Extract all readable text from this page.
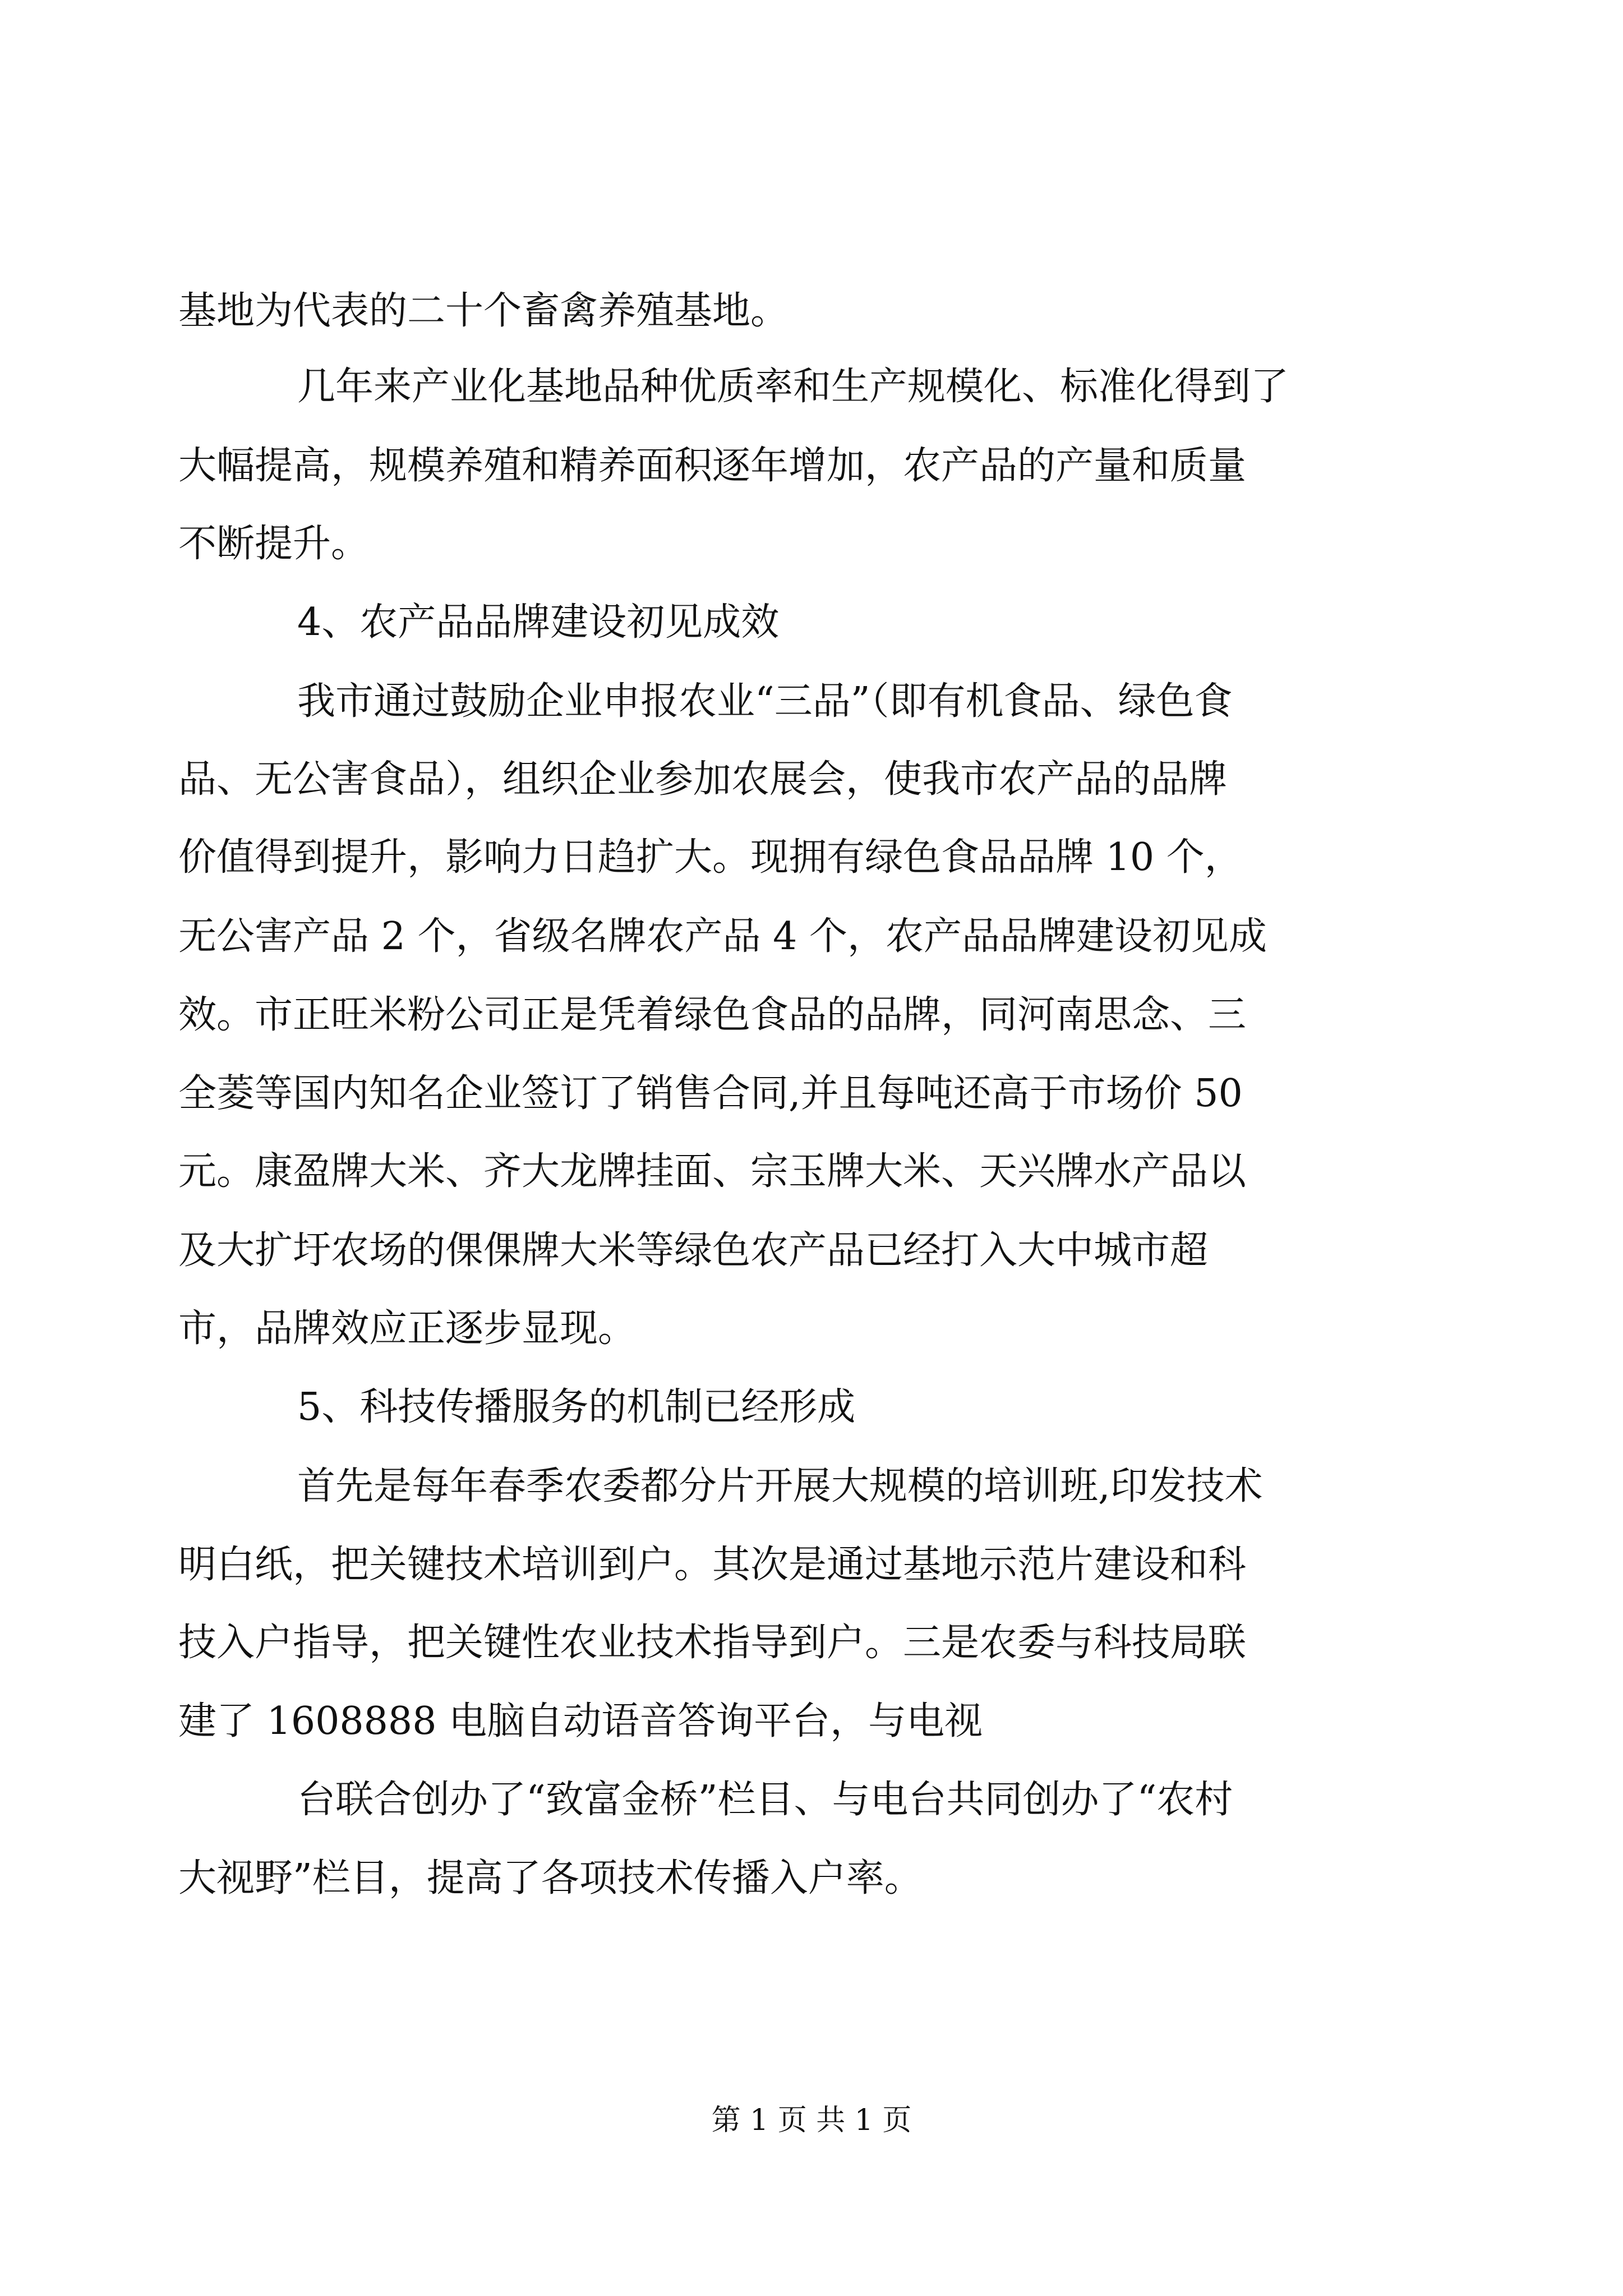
基地为代表的二十个畜禽养殖基地。

几年来产业化基地品种优质率和生产规模化、标准化得到了

大幅提高，规模养殖和精养面积逐年增加，农产品的产量和质量

不断提升。

4、农产品品牌建设初见成效

我市通过鼓励企业申报农业“三品”（即有机食品、绿色食

品、无公害食品），组织企业参加农展会，使我市农产品的品牌

价值得到提升，影响力日趋扩大。现拥有绿色食品品牌 10 个，

无公害产品 2 个，省级名牌农产品 4 个，农产品品牌建设初见成

效。市正旺米粉公司正是凭着绿色食品的品牌，同河南思念、三

全菱等国内知名企业签订了销售合同,并且每吨还高于市场价 50

元。康盈牌大米、齐大龙牌挂面、宗玉牌大米、天兴牌水产品以

及大扩圩农场的倮倮牌大米等绿色农产品已经打入大中城市超

市，品牌效应正逐步显现。

5、科技传播服务的机制已经形成

首先是每年春季农委都分片开展大规模的培训班,印发技术

明白纸，把关键技术培训到户。其次是通过基地示范片建设和科

技入户指导，把关键性农业技术指导到户。三是农委与科技局联

建了 1608888 电脑自动语音答询平台，与电视

台联合创办了“致富金桥”栏目、与电台共同创办了“农村

大视野”栏目，提高了各项技术传播入户率。

第 1 页 共 1 页
